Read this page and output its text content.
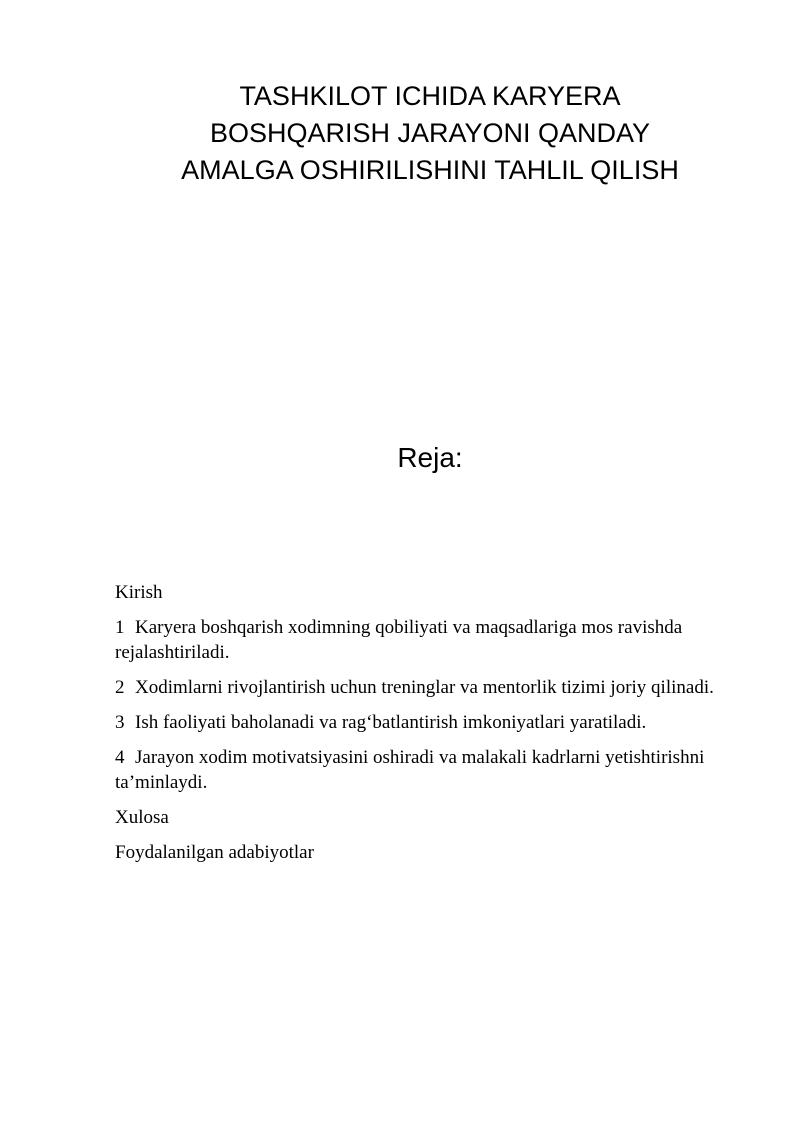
TASHKILOT ICHIDA KARYERA
BOSHQARISH JARAYONI QANDAY
AMALGA OSHIRILISHINI TAHLIL QILISH
Reja:

Kirish

1 Karyera boshqarish xodimning qobiliyati va maqsadlariga mos ravishda rejalashtiriladi.

2 Xodimlarni rivojlantirish uchun treninglar va mentorlik tizimi joriy qilinadi.

3 Ish faoliyati baholanadi va rag‘batlantirish imkoniyatlari yaratiladi.

4 Jarayon xodim motivatsiyasini oshiradi va malakali kadrlarni yetishtirishni ta’minlaydi.

Xulosa

Foydalanilgan adabiyotlar
